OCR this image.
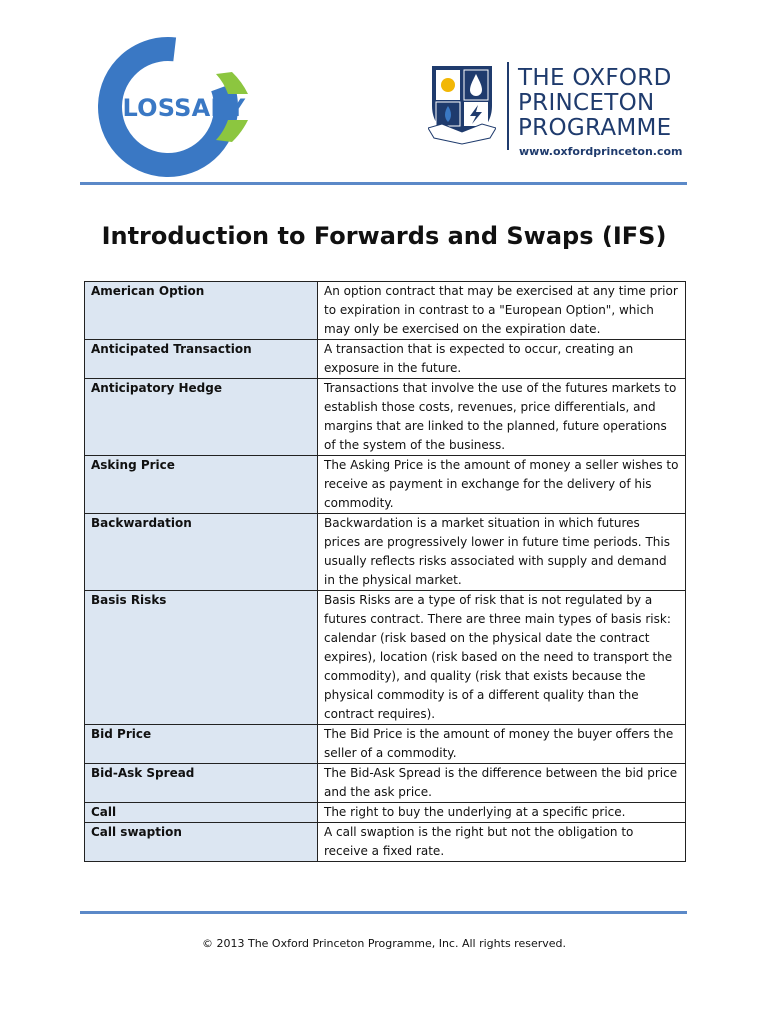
GLOSSARY
THE OXFORD
PRINCETON
PROGRAMME
www.oxfordprinceton.com
Introduction to Forwards and Swaps (IFS)
American Option	An option contract that may be exercised at any time prior to expiration in contrast to a "European Option", which may only be exercised on the expiration date.
Anticipated Transaction	A transaction that is expected to occur, creating an exposure in the future.
Anticipatory Hedge	Transactions that involve the use of the futures markets to establish those costs, revenues, price differentials, and margins that are linked to the planned, future operations of the system of the business.
Asking Price	The Asking Price is the amount of money a seller wishes to receive as payment in exchange for the delivery of his commodity.
Backwardation	Backwardation is a market situation in which futures prices are progressively lower in future time periods. This usually reflects risks associated with supply and demand in the physical market.
Basis Risks	Basis Risks are a type of risk that is not regulated by a futures contract. There are three main types of basis risk: calendar (risk based on the physical date the contract expires), location (risk based on the need to transport the commodity), and quality (risk that exists because the physical commodity is of a different quality than the contract requires).
Bid Price	The Bid Price is the amount of money the buyer offers the seller of a commodity.
Bid-Ask Spread	The Bid-Ask Spread is the difference between the bid price and the ask price.
Call	The right to buy the underlying at a specific price.
Call swaption	A call swaption is the right but not the obligation to receive a fixed rate.
© 2013 The Oxford Princeton Programme, Inc. All rights reserved.
